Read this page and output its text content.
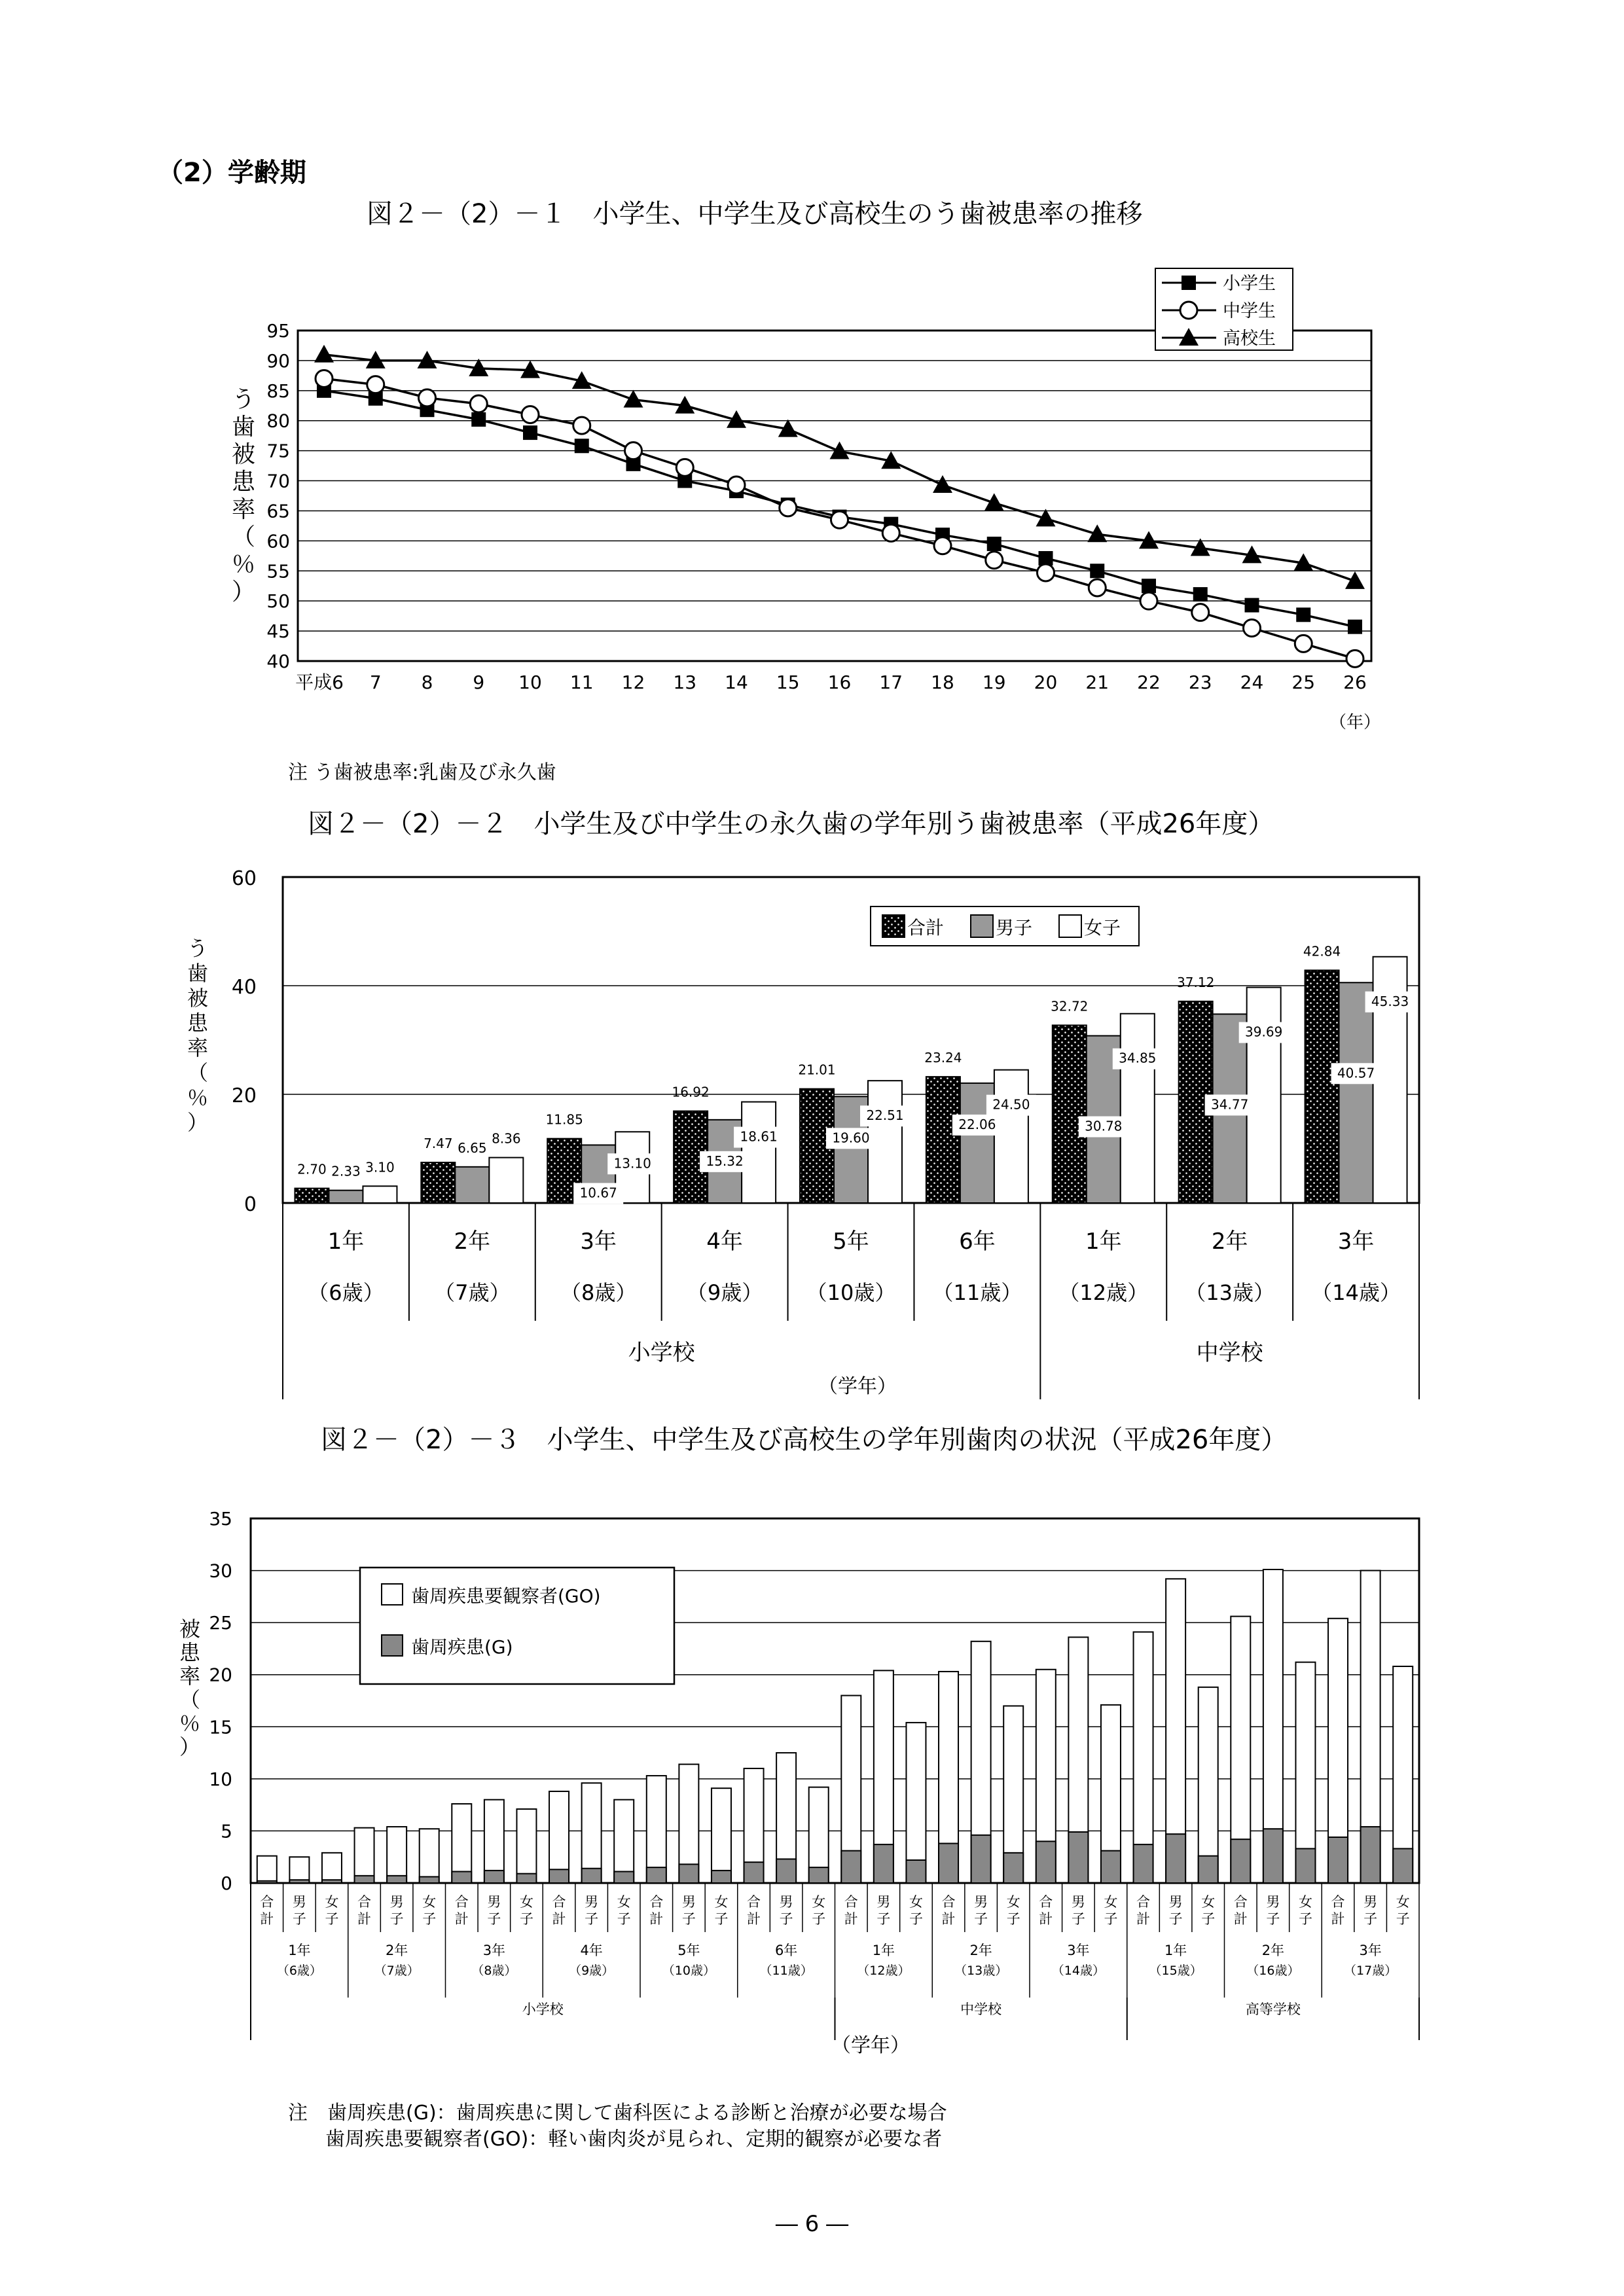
（2）学齢期
図２－（2）－１　小学生、中学生及び高校生のう歯被患率の推移
40
45
50
55
60
65
70
75
80
85
90
95
平成6 7 8 9 10 11 12 13 14 15 16 17 18 19 20 21 22 23 24 25 26
（年）
う
歯
被
患
率
（
％
）
小学生
中学生
高校生
注 う歯被患率:乳歯及び永久歯
図２－（2）－２　小学生及び中学生の永久歯の学年別う歯被患率（平成26年度）
0
20
40
60
う
歯
被
患
率
（
％
）
2.70 2.33 3.10
1年
（6歳）
7.47 6.65
8.36
2年
（7歳）
11.85
10.67
13.10
3年
（8歳）
16.92
15.32
18.61
4年
（9歳）
21.01
19.60
22.51
5年
（10歳）
23.24
22.06
24.50
6年
（11歳）
32.72
30.78
34.85
1年
（12歳）
37.12
34.77
39.69
2年
（13歳）
42.84
40.57
45.33
3年
（14歳）
小学校	中学校
（学年）
合計	男子	女子
図２－（2）－３　小学生、中学生及び高校生の学年別歯肉の状況（平成26年度）
0
5
10
15
20
25
30
35
被
患
率
（
％
）
合
計
男
子
女
子
合
計
男
子
女
子
合
計
男
子
女
子
合
計
男
子
女
子
合
計
男
子
女
子
合
計
男
子
女
子
合
計
男
子
女
子
合
計
男
子
女
子
合
計
男
子
女
子
合
計
男
子
女
子
合
計
男
子
女
子
合
計
男
子
女
子
1年
（6歳）
2年
（7歳）
3年
（8歳）
4年
（9歳）
5年
（10歳）
6年
（11歳）
1年
（12歳）
2年
（13歳）
3年
（14歳）
1年
（15歳）
2年
（16歳）
3年
（17歳）
小学校	中学校	高等学校
（学年）
歯周疾患要観察者(GO)
歯周疾患(G)
注　歯周疾患(G)：歯周疾患に関して歯科医による診断と治療が必要な場合
歯周疾患要観察者(GO)：軽い歯肉炎が見られ、定期的観察が必要な者
― 6 ―
